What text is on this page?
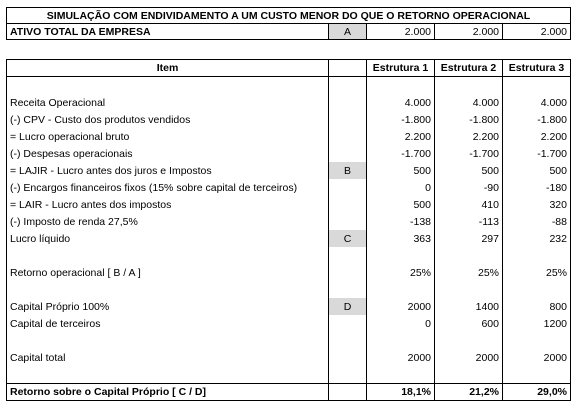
SIMULAÇÃO COM ENDIVIDAMENTO A UM CUSTO MENOR DO QUE O RETORNO OPERACIONAL
ATIVO TOTAL DA EMPRESA	A	2.000	2.000	2.000
Item		Estrutura 1	Estrutura 2	Estrutura 3

Receita Operacional		4.000	4.000	4.000
(-) CPV - Custo dos produtos vendidos		-1.800	-1.800	-1.800
= Lucro operacional bruto		2.200	2.200	2.200
(-) Despesas operacionais		-1.700	-1.700	-1.700
= LAJIR - Lucro antes dos juros e Impostos	B	500	500	500
(-) Encargos financeiros fixos (15% sobre capital de terceiros)		0	-90	-180
= LAIR - Lucro antes dos impostos		500	410	320
(-) Imposto de renda 27,5%		-138	-113	-88
Lucro líquido	C	363	297	232

Retorno operacional [ B / A ]		25%	25%	25%

Capital Próprio 100%	D	2000	1400	800
Capital de terceiros		0	600	1200

Capital total		2000	2000	2000

Retorno sobre o Capital Próprio [ C / D]		18,1%	21,2%	29,0%
